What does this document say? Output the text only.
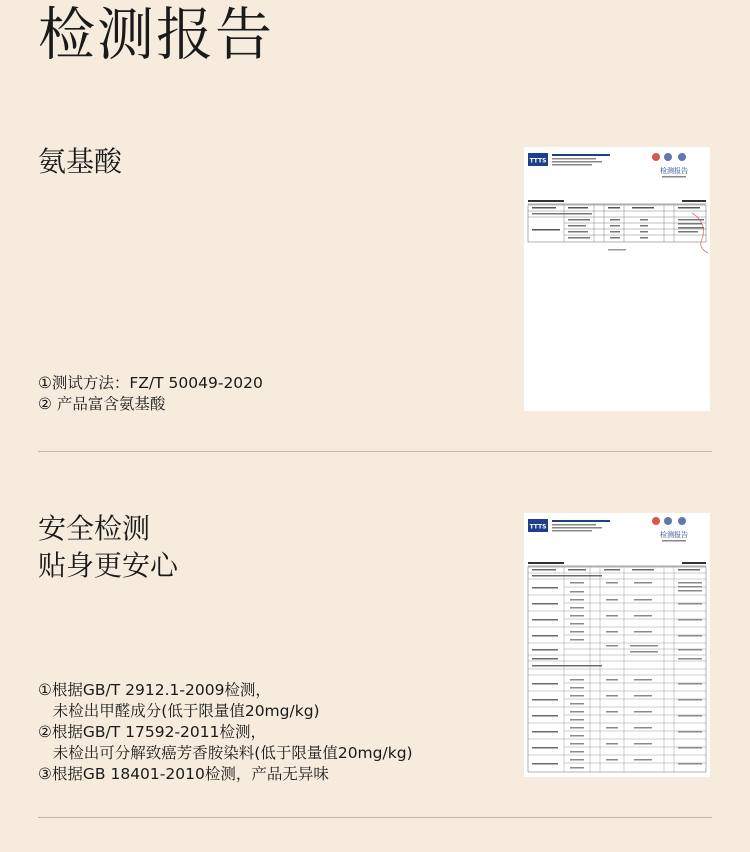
检测报告
氨基酸	TTTS
检测报告
①测试方法：FZ/T 50049-2020
② 产品富含氨基酸
安全检测
贴身更安心
TTTS
检测报告
①根据GB/T 2912.1-2009检测，
未检出甲醛成分(低于限量值20mg/kg)
②根据GB/T 17592-2011检测，
未检出可分解致癌芳香胺染料(低于限量值20mg/kg)
③根据GB 18401-2010检测，产品无异味
